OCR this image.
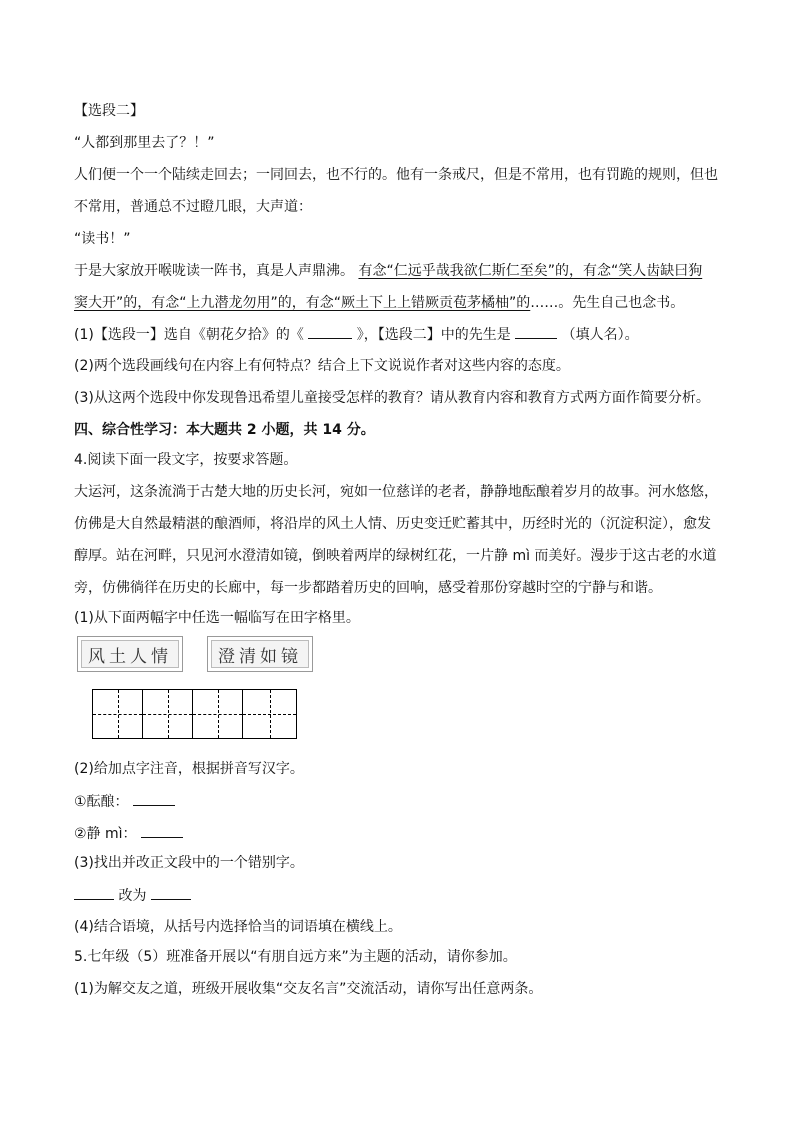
【选段二】
“人都到那里去了？！”
人们便一个一个陆续走回去；一同回去，也不行的。他有一条戒尺，但是不常用，也有罚跪的规则，但也
不常用，普通总不过瞪几眼，大声道：
“读书！”
于是大家放开喉咙读一阵书，真是人声鼎沸。 有念“仁远乎哉我欲仁斯仁至矣”的，有念“笑人齿缺曰狗
窦大开”的，有念“上九潜龙勿用”的，有念“厥土下上上错厥贡苞茅橘柚”的……。先生自己也念书。
(1)【选段一】选自《朝花夕拾》的《	》，【选段二】中的先生是	（填人名）。
(2)两个选段画线句在内容上有何特点？结合上下文说说作者对这些内容的态度。
(3)从这两个选段中你发现鲁迅希望儿童接受怎样的教育？请从教育内容和教育方式两方面作简要分析。
四、综合性学习：本大题共 2 小题，共 14 分。
4.阅读下面一段文字，按要求答题。
大运河，这条流淌于古楚大地的历史长河，宛如一位慈详的老者，静静地酝酿着岁月的故事。河水悠悠，
仿佛是大自然最精湛的酿酒师，将沿岸的风土人情、历史变迁贮蓄其中，历经时光的（沉淀积淀），愈发
醇厚。站在河畔，只见河水澄清如镜，倒映着两岸的绿树红花，一片静 mì 而美好。漫步于这古老的水道
旁，仿佛徜徉在历史的长廊中，每一步都踏着历史的回响，感受着那份穿越时空的宁静与和谐。
(1)从下面两幅字中任选一幅临写在田字格里。
风土人情	澄清如镜
(2)给加点字注音，根据拼音写汉字。
①酝酿：
②静 mì：
(3)找出并改正文段中的一个错别字。
改为
(4)结合语境，从括号内选择恰当的词语填在横线上。
5.七年级（5）班准备开展以“有朋自远方来”为主题的活动，请你参加。
(1)为解交友之道，班级开展收集“交友名言”交流活动，请你写出任意两条。
